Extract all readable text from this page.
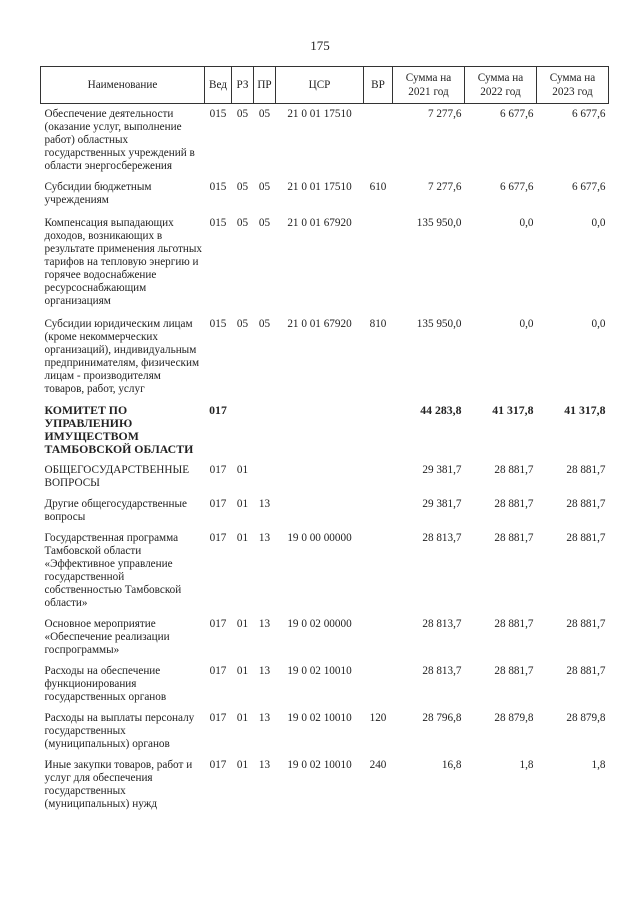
175
Наименование	Вед	РЗ	ПР	ЦСР	ВР	Сумма на 2021 год	Сумма на 2022 год	Сумма на 2023 год
Обеспечение деятельности (оказание услуг, выполнение работ) областных государственных учреждений в области энергосбережения	015	05	05	21 0 01 17510		7 277,6	6 677,6	6 677,6
Субсидии бюджетным учреждениям	015	05	05	21 0 01 17510	610	7 277,6	6 677,6	6 677,6
Компенсация выпадающих доходов, возникающих в результате применения льготных тарифов на тепловую энергию и горячее водоснабжение ресурсоснабжающим организациям	015	05	05	21 0 01 67920		135 950,0	0,0	0,0
Субсидии юридическим лицам (кроме некоммерческих организаций), индивидуальным предпринимателям, физическим лицам - производителям товаров, работ, услуг	015	05	05	21 0 01 67920	810	135 950,0	0,0	0,0
КОМИТЕТ ПО УПРАВЛЕНИЮ ИМУЩЕСТВОМ ТАМБОВСКОЙ ОБЛАСТИ	017					44 283,8	41 317,8	41 317,8
ОБЩЕГОСУДАРСТВЕННЫЕ ВОПРОСЫ	017	01				29 381,7	28 881,7	28 881,7
Другие общегосударственные вопросы	017	01	13			29 381,7	28 881,7	28 881,7
Государственная программа Тамбовской области «Эффективное управление государственной собственностью Тамбовской области»	017	01	13	19 0 00 00000		28 813,7	28 881,7	28 881,7
Основное мероприятие «Обеспечение реализации госпрограммы»	017	01	13	19 0 02 00000		28 813,7	28 881,7	28 881,7
Расходы на обеспечение функционирования государственных органов	017	01	13	19 0 02 10010		28 813,7	28 881,7	28 881,7
Расходы на выплаты персоналу государственных (муниципальных) органов	017	01	13	19 0 02 10010	120	28 796,8	28 879,8	28 879,8
Иные закупки товаров, работ и услуг для обеспечения государственных (муниципальных) нужд	017	01	13	19 0 02 10010	240	16,8	1,8	1,8
